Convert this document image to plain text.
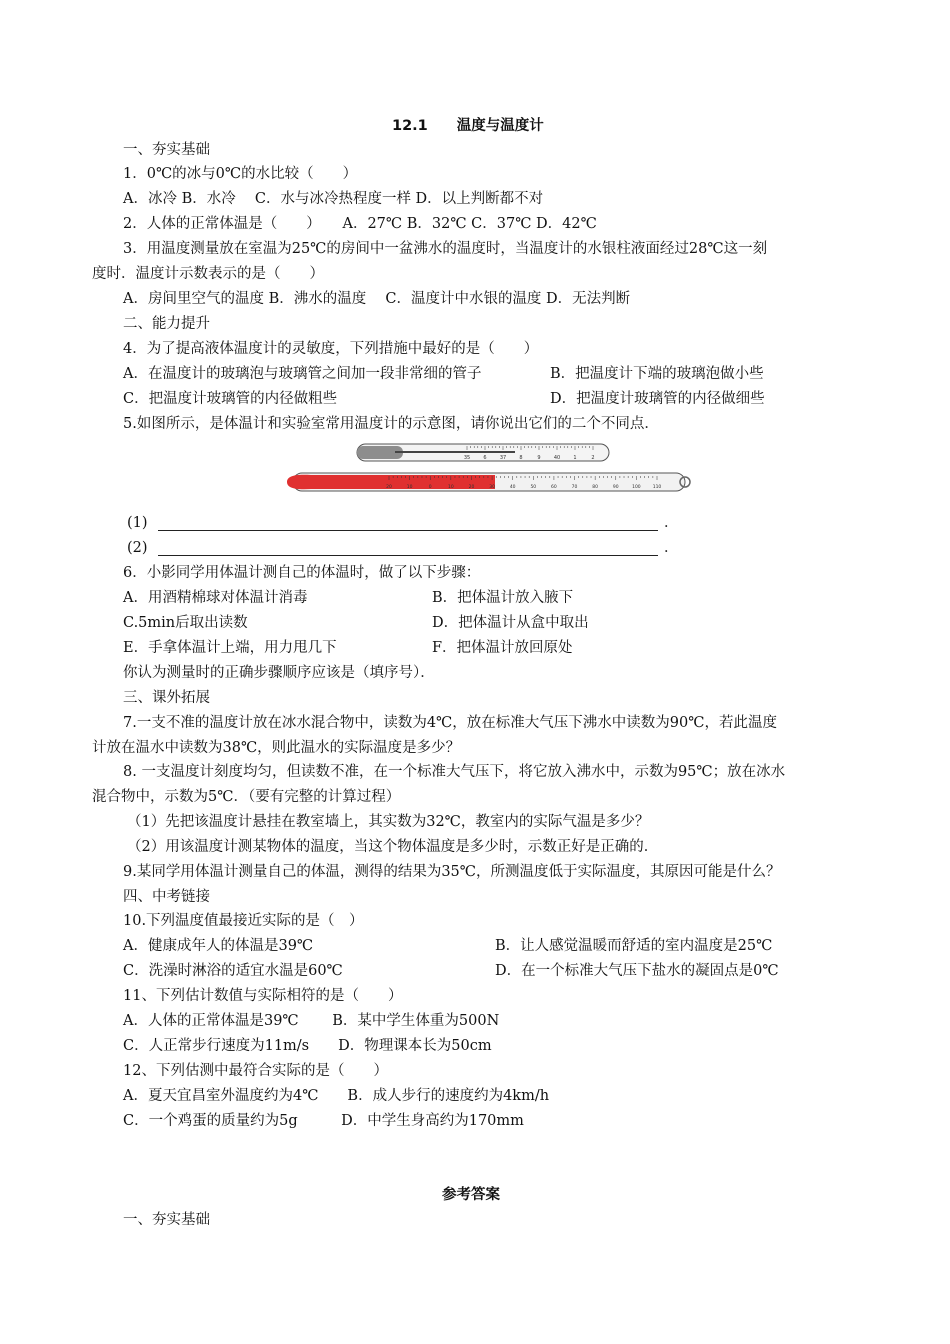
12.1　　温度与温度计
一、夯实基础
1．0℃的冰与0℃的水比较（　　）
A．冰冷 B．水冷　 C．水与冰冷热程度一样 D．以上判断都不对
2．人体的正常体温是（　　）　　A．27℃ B．32℃ C．37℃ D．42℃
3．用温度测量放在室温为25℃的房间中一盆沸水的温度时，当温度计的水银柱液面经过28℃这一刻
度时．温度计示数表示的是（　　）
A．房间里空气的温度 B．沸水的温度　 C．温度计中水银的温度 D．无法判断
二、能力提升
4．为了提高液体温度计的灵敏度，下列措施中最好的是（　　）
A．在温度计的玻璃泡与玻璃管之间加一段非常细的管子	B．把温度计下端的玻璃泡做小些
C．把温度计玻璃管的内径做粗些	D．把温度计玻璃管的内径做细些
5.如图所示，是体温计和实验室常用温度计的示意图，请你说出它们的二个不同点．
35	6	37	8	9	40	1	2
20	10	0	10	20	30	40	50	60	70	80	90	100	110
(1)	．
(2)	．
6．小影同学用体温计测自己的体温时，做了以下步骤：
A．用酒精棉球对体温计消毒	B．把体温计放入腋下
C.5min后取出读数	D．把体温计从盒中取出
E．手拿体温计上端，用力甩几下	F．把体温计放回原处
你认为测量时的正确步骤顺序应该是（填序号）．
三、课外拓展
7.一支不准的温度计放在冰水混合物中，读数为4℃，放在标准大气压下沸水中读数为90℃，若此温度
计放在温水中读数为38℃，则此温水的实际温度是多少？
8. 一支温度计刻度均匀，但读数不准，在一个标准大气压下，将它放入沸水中，示数为95℃；放在冰水
混合物中，示数为5℃．（要有完整的计算过程）
（1）先把该温度计悬挂在教室墙上，其实数为32℃，教室内的实际气温是多少？
（2）用该温度计测某物体的温度，当这个物体温度是多少时，示数正好是正确的．
9.某同学用体温计测量自己的体温，测得的结果为35℃，所测温度低于实际温度，其原因可能是什么？
四、中考链接
10.下列温度值最接近实际的是（　）
A．健康成年人的体温是39℃	B．让人感觉温暖而舒适的室内温度是25℃
C．洗澡时淋浴的适宜水温是60℃	D．在一个标准大气压下盐水的凝固点是0℃
11、下列估计数值与实际相符的是（　　）
A．人体的正常体温是39℃　　 B．某中学生体重为500N
C．人正常步行速度为11m/s　　D．物理课本长为50cm
12、下列估测中最符合实际的是（　　）
A．夏天宜昌室外温度约为4℃　　B．成人步行的速度约为4km/h
C．一个鸡蛋的质量约为5g　　　D．中学生身高约为170mm
参考答案
一、夯实基础
